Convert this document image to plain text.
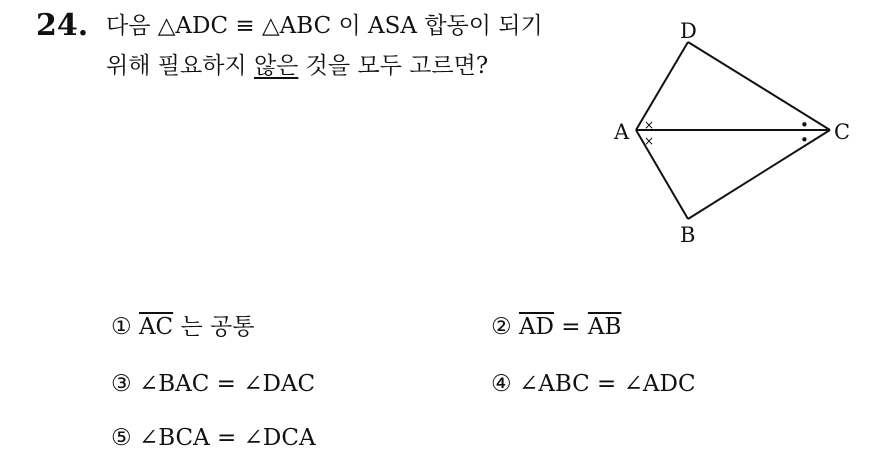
24. 다음 △ADC ≡ △ABC 이 ASA 합동이 되기
위해 필요하지 않은 것을 모두 고르면?
D
A	C
B
×
×
•
•
① $\overline{AC}$ 는 공통	② $\overline{AD} = \overline{AB}$
③ ∠BAC = ∠DAC	④ ∠ABC = ∠ADC
⑤ ∠BCA = ∠DCA
